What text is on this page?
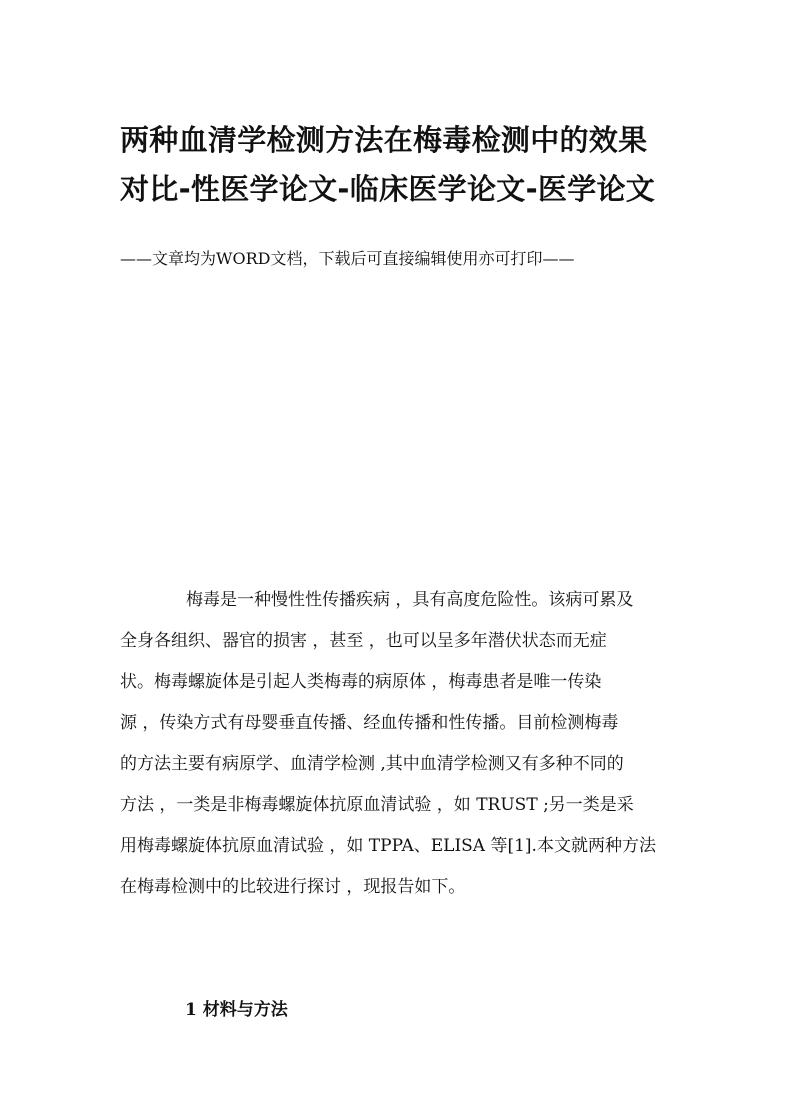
两种血清学检测方法在梅毒检测中的效果
对比-性医学论文-临床医学论文-医学论文

——文章均为WORD文档，下载后可直接编辑使用亦可打印——

梅毒是一种慢性性传播疾病 ，具有高度危险性。该病可累及
全身各组织、器官的损害 ，甚至 ，也可以呈多年潜伏状态而无症
状。梅毒螺旋体是引起人类梅毒的病原体 ，梅毒患者是唯一传染
源 ，传染方式有母婴垂直传播、经血传播和性传播。目前检测梅毒
的方法主要有病原学、血清学检测 ,其中血清学检测又有多种不同的
方法 ，一类是非梅毒螺旋体抗原血清试验 ，如 TRUST ;另一类是采
用梅毒螺旋体抗原血清试验 ，如 TPPA、ELISA 等[1].本文就两种方法
在梅毒检测中的比较进行探讨 ，现报告如下。
1 材料与方法
